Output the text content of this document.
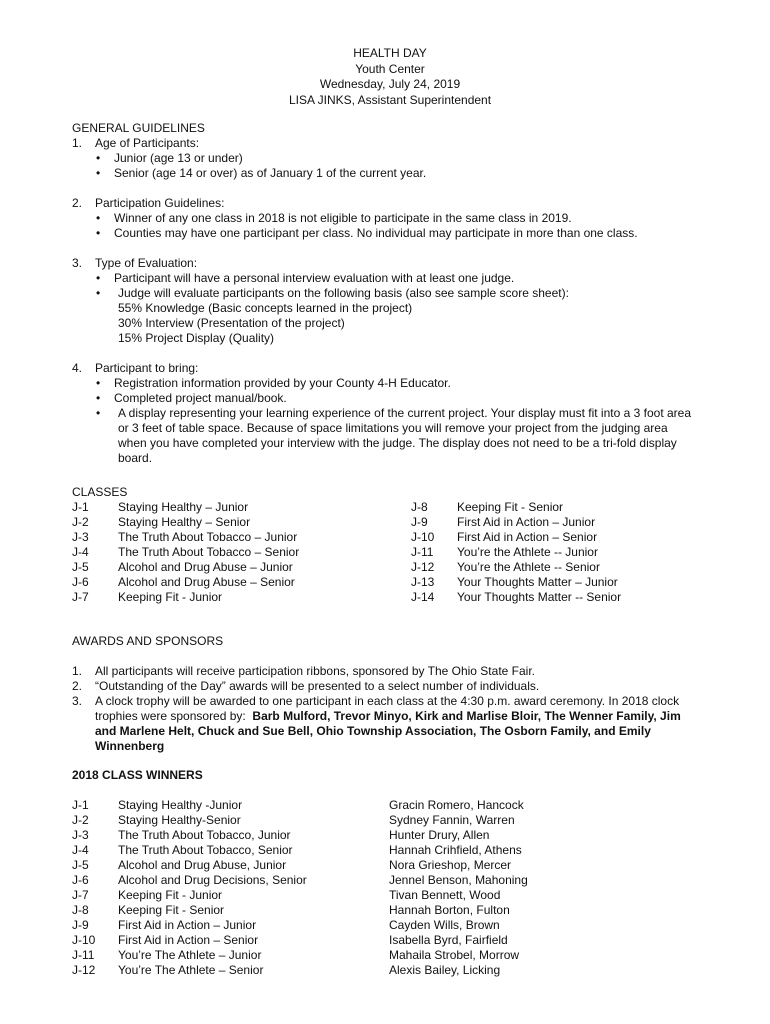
HEALTH DAY
Youth Center
Wednesday, July 24, 2019
LISA JINKS, Assistant Superintendent
GENERAL GUIDELINES
1. Age of Participants:
• Junior (age 13 or under)
• Senior (age 14 or over) as of January 1 of the current year.
2. Participation Guidelines:
• Winner of any one class in 2018 is not eligible to participate in the same class in 2019.
• Counties may have one participant per class. No individual may participate in more than one class.
3. Type of Evaluation:
• Participant will have a personal interview evaluation with at least one judge.
• Judge will evaluate participants on the following basis (also see sample score sheet):
55% Knowledge (Basic concepts learned in the project)
30% Interview (Presentation of the project)
15% Project Display (Quality)
4. Participant to bring:
• Registration information provided by your County 4-H Educator.
• Completed project manual/book.
• A display representing your learning experience of the current project. Your display must fit into a 3 foot area or 3 feet of table space. Because of space limitations you will remove your project from the judging area when you have completed your interview with the judge. The display does not need to be a tri-fold display board.
CLASSES
J-1 Staying Healthy – Junior
J-2 Staying Healthy – Senior
J-3 The Truth About Tobacco – Junior
J-4 The Truth About Tobacco – Senior
J-5 Alcohol and Drug Abuse – Junior
J-6 Alcohol and Drug Abuse – Senior
J-7 Keeping Fit - Junior
J-8 Keeping Fit - Senior
J-9 First Aid in Action – Junior
J-10 First Aid in Action – Senior
J-11 You’re the Athlete -- Junior
J-12 You’re the Athlete -- Senior
J-13 Your Thoughts Matter – Junior
J-14 Your Thoughts Matter -- Senior
AWARDS AND SPONSORS
1. All participants will receive participation ribbons, sponsored by The Ohio State Fair.
2. “Outstanding of the Day” awards will be presented to a select number of individuals.
3. A clock trophy will be awarded to one participant in each class at the 4:30 p.m. award ceremony. In 2018 clock trophies were sponsored by: Barb Mulford, Trevor Minyo, Kirk and Marlise Bloir, The Wenner Family, Jim and Marlene Helt, Chuck and Sue Bell, Ohio Township Association, The Osborn Family, and Emily Winnenberg
2018 CLASS WINNERS
J-1 Staying Healthy -Junior	Gracin Romero, Hancock
J-2 Staying Healthy-Senior	Sydney Fannin, Warren
J-3 The Truth About Tobacco, Junior	Hunter Drury, Allen
J-4 The Truth About Tobacco, Senior	Hannah Crihfield, Athens
J-5 Alcohol and Drug Abuse, Junior	Nora Grieshop, Mercer
J-6 Alcohol and Drug Decisions, Senior	Jennel Benson, Mahoning
J-7 Keeping Fit - Junior	Tivan Bennett, Wood
J-8 Keeping Fit - Senior	Hannah Borton, Fulton
J-9 First Aid in Action – Junior	Cayden Wills, Brown
J-10 First Aid in Action – Senior	Isabella Byrd, Fairfield
J-11 You’re The Athlete – Junior	Mahaila Strobel, Morrow
J-12 You’re The Athlete – Senior	Alexis Bailey, Licking
